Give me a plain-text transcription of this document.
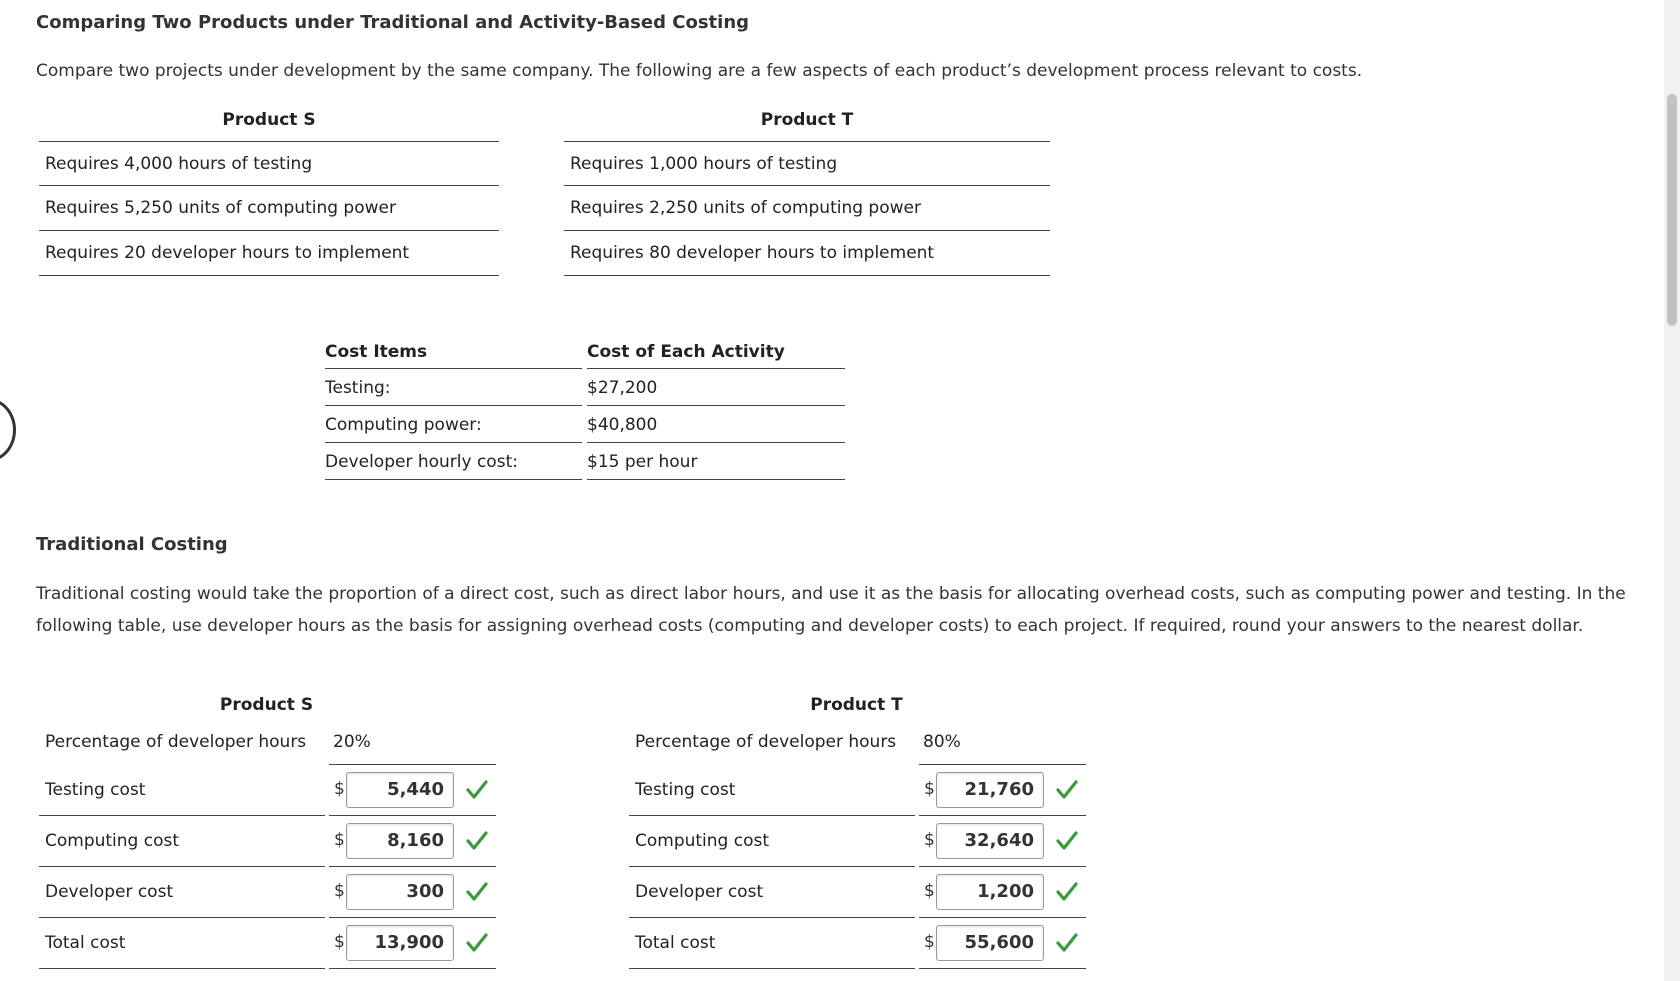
Comparing Two Products under Traditional and Activity-Based Costing
Compare two projects under development by the same company. The following are a few aspects of each product’s development process relevant to costs.
Product S
Requires 4,000 hours of testing
Requires 5,250 units of computing power
Requires 20 developer hours to implement
Product T
Requires 1,000 hours of testing
Requires 2,250 units of computing power
Requires 80 developer hours to implement
Cost Items	Cost of Each Activity
Testing:	$27,200
Computing power:	$40,800
Developer hourly cost:	$15 per hour
Traditional Costing
Traditional costing would take the proportion of a direct cost, such as direct labor hours, and use it as the basis for allocating overhead costs, such as computing power and testing. In the following table, use developer hours as the basis for assigning overhead costs (computing and developer costs) to each project. If required, round your answers to the nearest dollar.
Product S
Percentage of developer hours	20%
Testing cost	$	5,440
Computing cost	$	8,160
Developer cost	$	300
Total cost	$	13,900
Product T
Percentage of developer hours	80%
Testing cost	$	21,760
Computing cost	$	32,640
Developer cost	$	1,200
Total cost	$	55,600
